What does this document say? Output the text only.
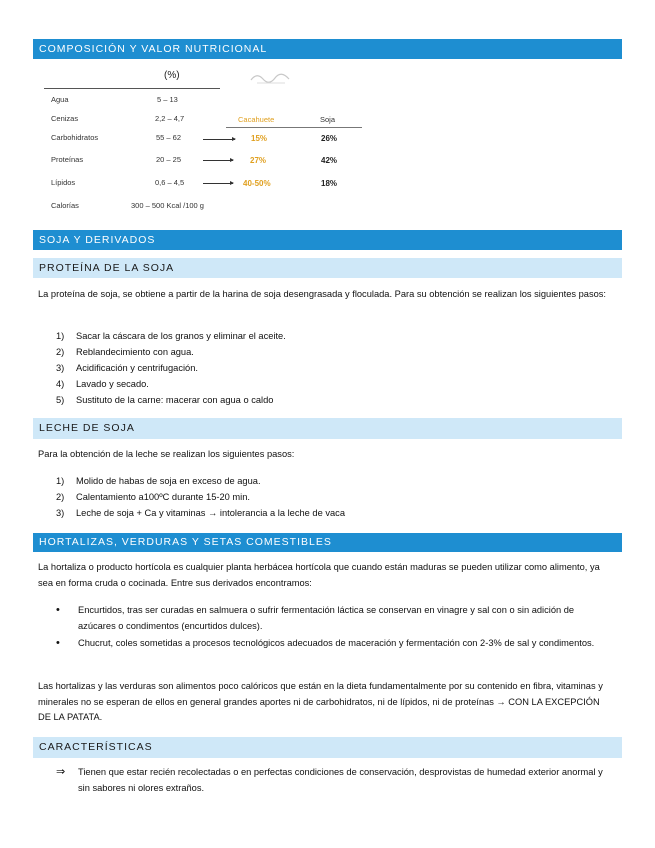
COMPOSICIÓN Y VALOR NUTRICIONAL
(%)
Agua	5 – 13
Cenizas	2,2 – 4,7
Carbohidratos	55 – 62
Proteínas	20 – 25
Lípidos	0,6 – 4,5
Calorías	300 – 500 Kcal /100 g
Cacahuete	Soja
15%	26%
27%	42%
40-50%	18%
SOJA Y DERIVADOS
PROTEÍNA DE LA SOJA
La proteína de soja, se obtiene a partir de la harina de soja desengrasada y floculada. Para su obtención se realizan los siguientes pasos:
1)	Sacar la cáscara de los granos y eliminar el aceite.
2)	Reblandecimiento con agua.
3)	Acidificación y centrifugación.
4)	Lavado y secado.
5)	Sustituto de la carne: macerar con agua o caldo
LECHE DE SOJA
Para la obtención de la leche se realizan los siguientes pasos:
1)	Molido de habas de soja en exceso de agua.
2)	Calentamiento a100ºC durante 15-20 min.
3)	Leche de soja + Ca y vitaminas → intolerancia a la leche de vaca
HORTALIZAS, VERDURAS Y SETAS COMESTIBLES
La hortaliza o producto hortícola es cualquier planta herbácea hortícola que cuando están maduras se pueden utilizar como alimento, ya sea en forma cruda o cocinada. Entre sus derivados encontramos:
•	Encurtidos, tras ser curadas en salmuera o sufrir fermentación láctica se conservan en vinagre y sal con o sin adición de azúcares o condimentos (encurtidos dulces).
•	Chucrut, coles sometidas a procesos tecnológicos adecuados de maceración y fermentación con 2-3% de sal y condimentos.
Las hortalizas y las verduras son alimentos poco calóricos que están en la dieta fundamentalmente por su contenido en fibra, vitaminas y minerales no se esperan de ellos en general grandes aportes ni de carbohidratos, ni de lípidos, ni de proteínas → CON LA EXCEPCIÓN DE LA PATATA.
CARACTERÍSTICAS
⇒	Tienen que estar recién recolectadas o en perfectas condiciones de conservación, desprovistas de humedad exterior anormal y sin sabores ni olores extraños.
